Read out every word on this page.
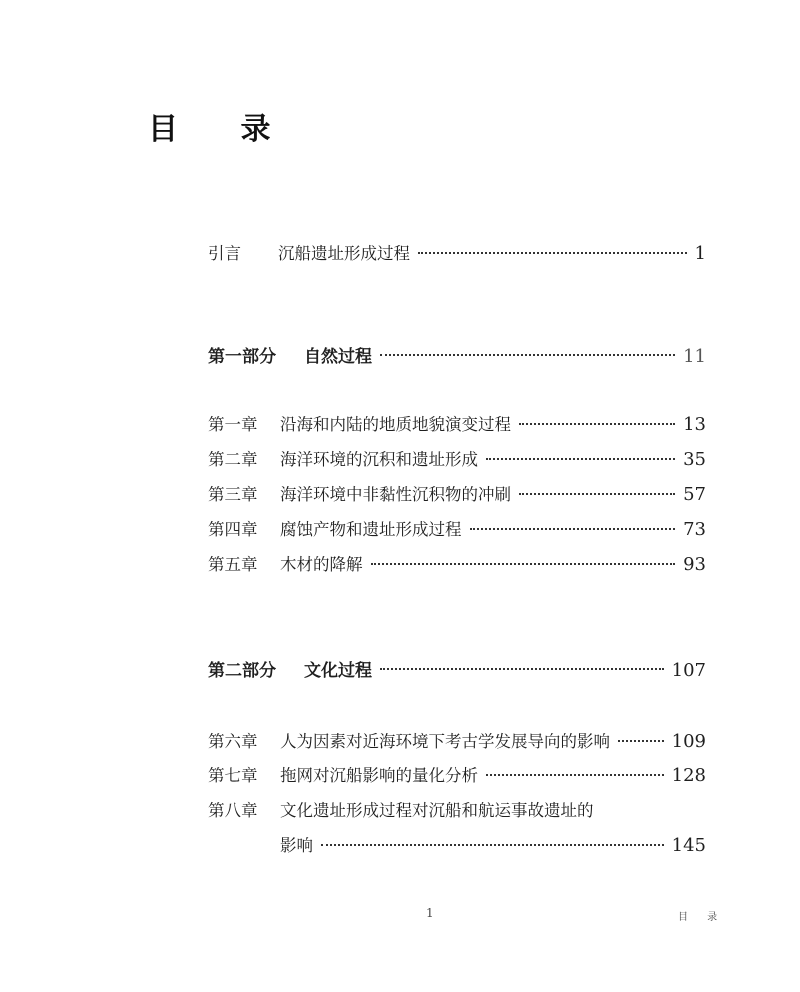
目 录
引言	沉船遗址形成过程	1
第一部分	自然过程	11
第一章	沿海和内陆的地质地貌演变过程	13
第二章	海洋环境的沉积和遗址形成	35
第三章	海洋环境中非黏性沉积物的冲刷	57
第四章	腐蚀产物和遗址形成过程	73
第五章	木材的降解	93
第二部分	文化过程	107
第六章	人为因素对近海环境下考古学发展导向的影响	109
第七章	拖网对沉船影响的量化分析	128
第八章	文化遗址形成过程对沉船和航运事故遗址的
影响	145
1	目 录
